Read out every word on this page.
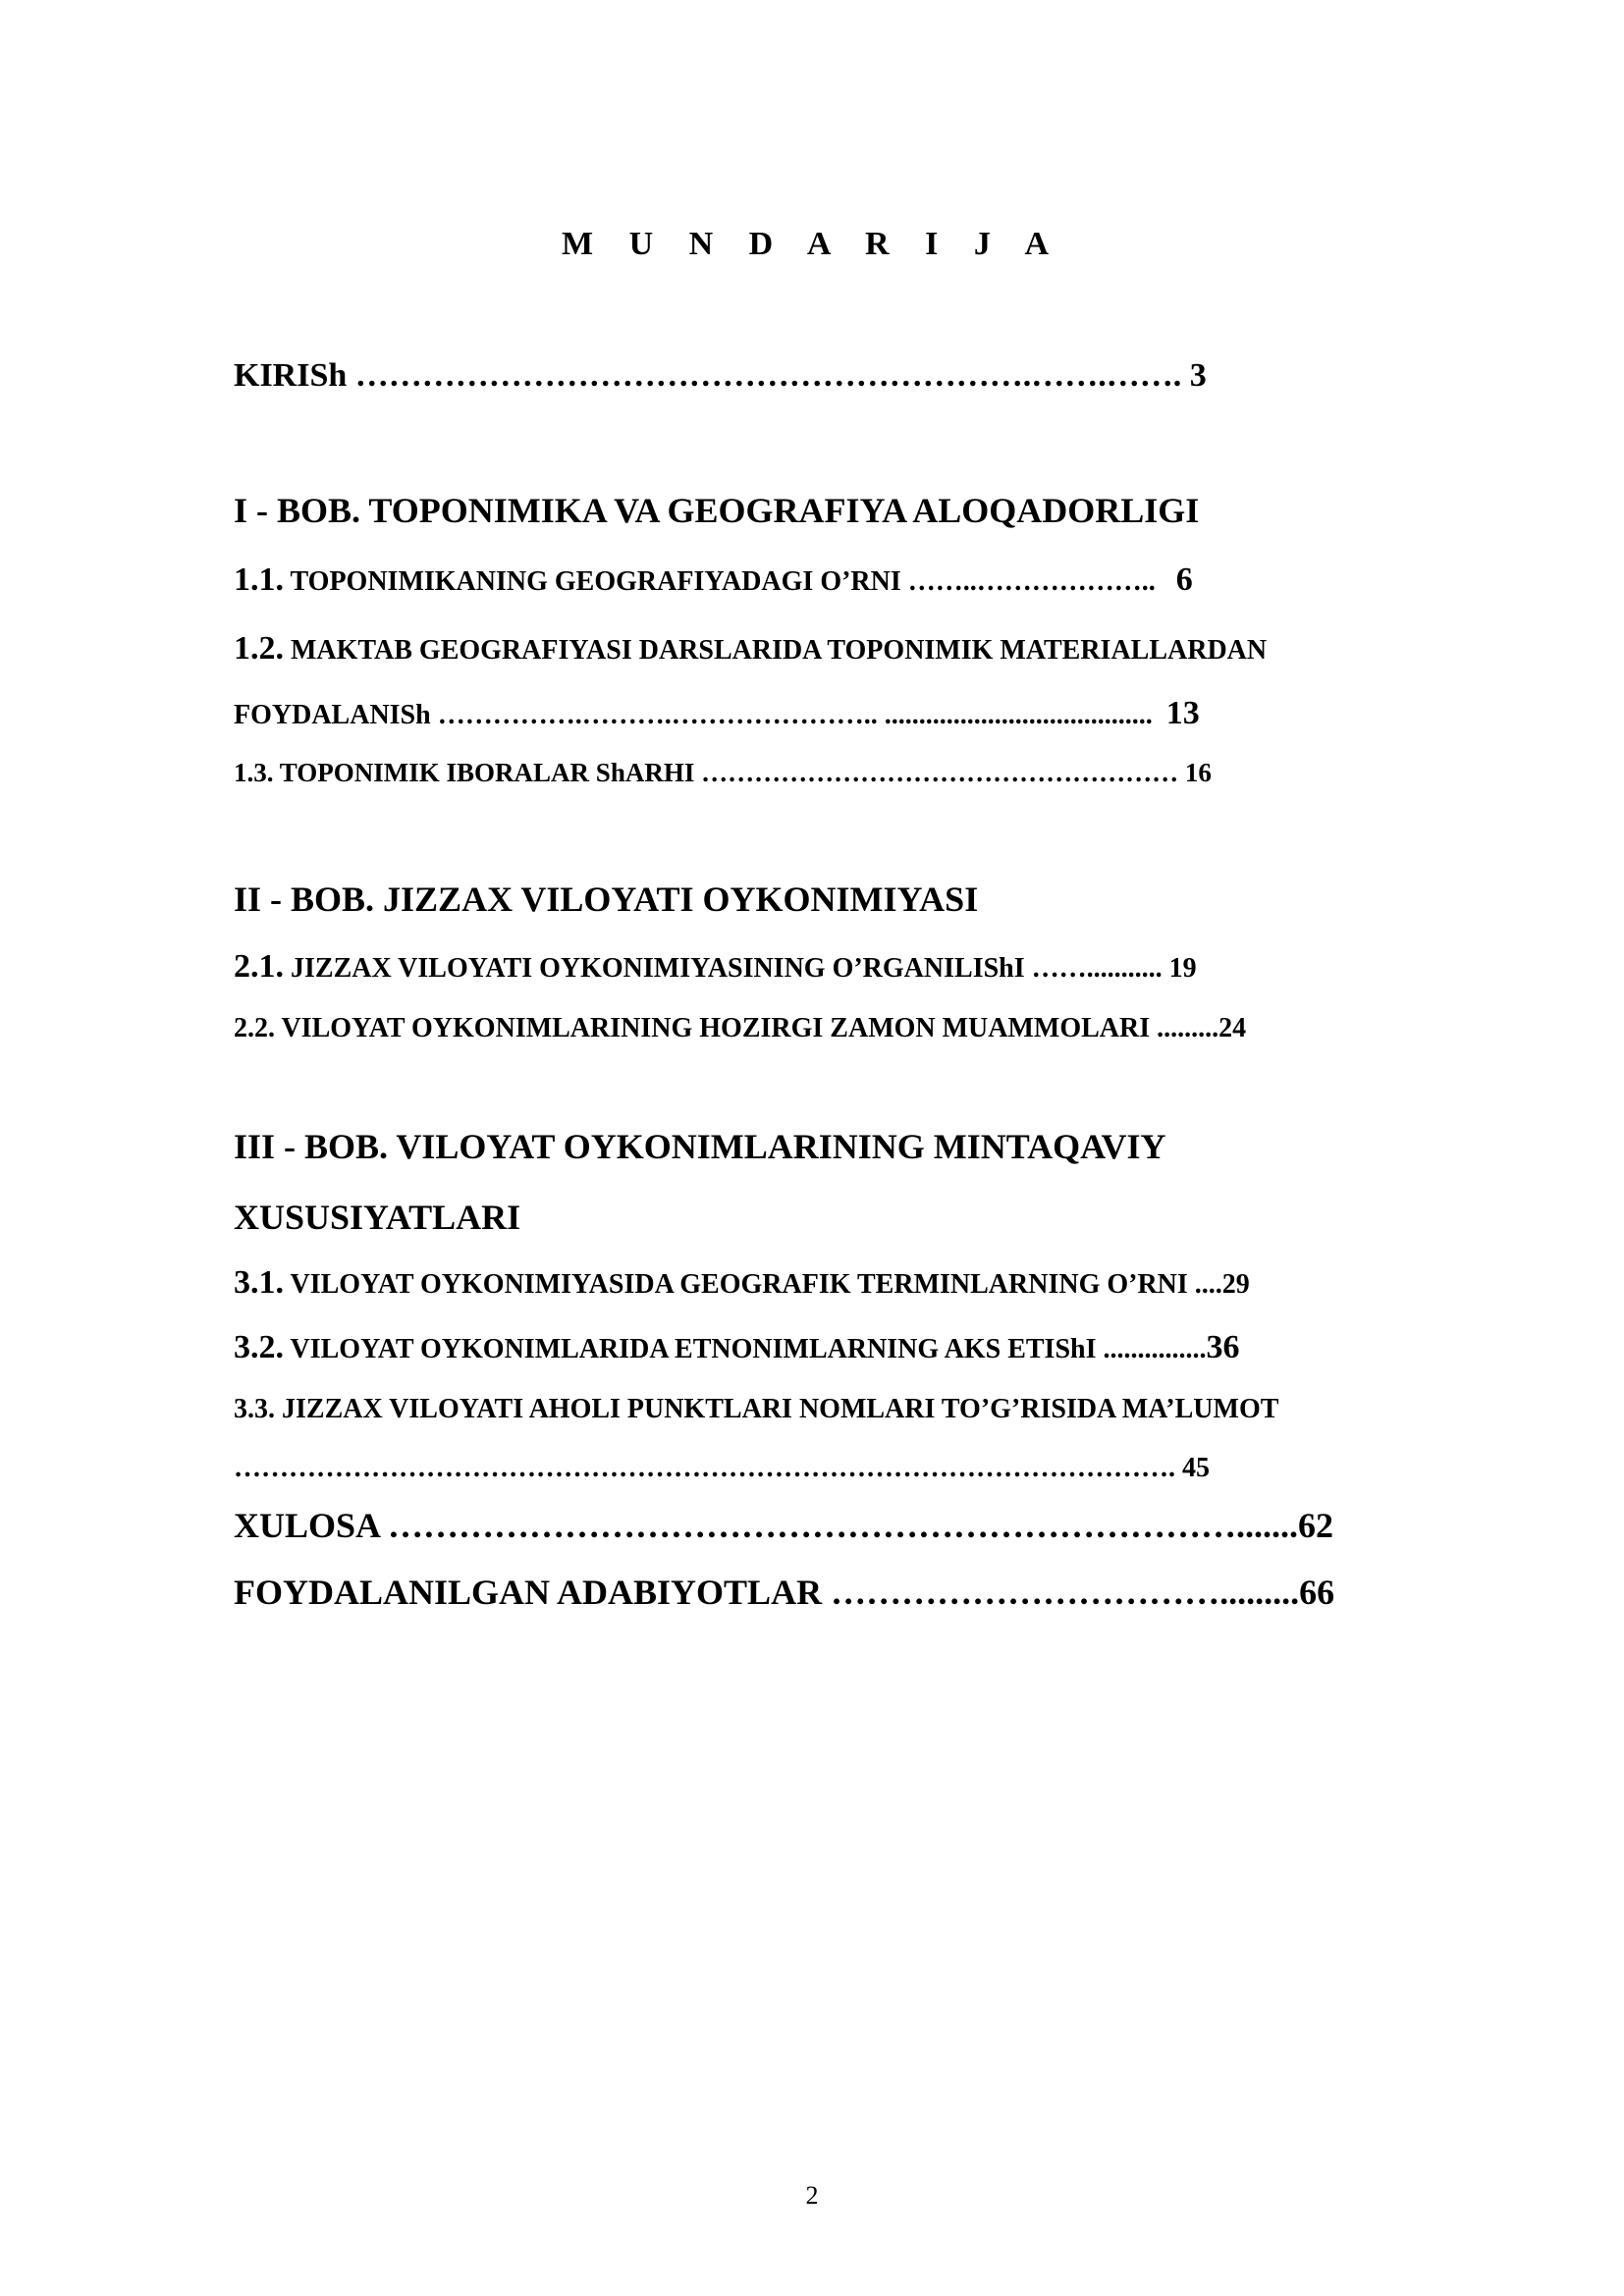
M U N D A R I J A
KIRISh …………………………………………………….…….……. 3
I - BOB. TOPONIMIKA VA GEOGRAFIYA ALOQADORLIGI
1.1. TOPONIMIKANING GEOGRAFIYADAGI O’RNI ……..……………….. 6
1.2. MAKTAB GEOGRAFIYASI DARSLARIDA TOPONIMIK MATERIALLARDAN
FOYDALANISh …………….……….………………….. ....................................... 13
1.3. TOPONIMIK IBORALAR ShARHI ……………………………………………… 16
II - BOB. JIZZAX VILOYATI OYKONIMIYASI
2.1. JIZZAX VILOYATI OYKONIMIYASINING O’RGANILIShI ……........... 19
2.2. VILOYAT OYKONIMLARINING HOZIRGI ZAMON MUAMMOLARI .........24
III - BOB. VILOYAT OYKONIMLARINING MINTAQAVIY
XUSUSIYATLARI
3.1. VILOYAT OYKONIMIYASIDA GEOGRAFIK TERMINLARNING O’RNI ....29
3.2. VILOYAT OYKONIMLARIDA ETNONIMLARNING AKS ETIShI ...............36
3.3. JIZZAX VILOYATI AHOLI PUNKTLARI NOMLARI TO’G’RISIDA MA’LUMOT
…………………………………………………………………………………………. 45
XULOSA ……………………………………………………………….......62
FOYDALANILGAN ADABIYOTLAR …………………………….........66
2
